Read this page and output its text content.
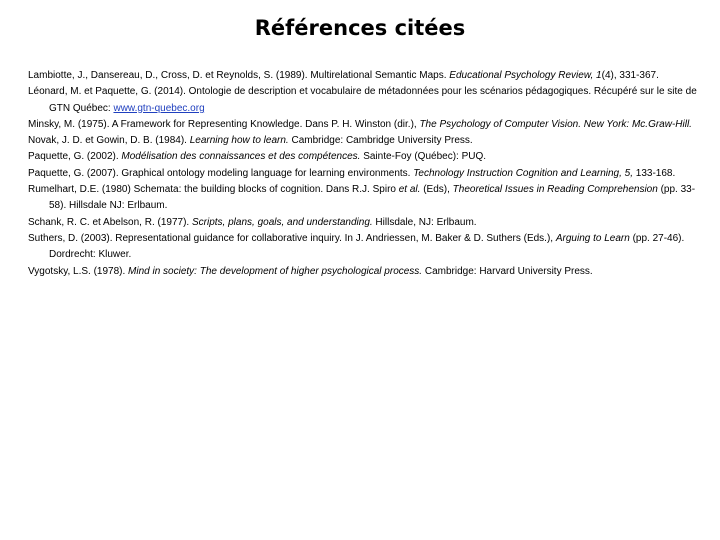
Références citées

Lambiotte, J., Dansereau, D., Cross, D. et Reynolds, S. (1989). Multirelational Semantic Maps. Educational Psychology Review, 1(4), 331-367.

Léonard, M. et Paquette, G. (2014). Ontologie de description et vocabulaire de métadonnées pour les scénarios pédagogiques. Récupéré sur le site de GTN Québec: www.gtn-quebec.org

Minsky, M. (1975). A Framework for Representing Knowledge. Dans P. H. Winston (dir.), The Psychology of Computer Vision. New York: Mc.Graw-Hill.

Novak, J. D. et Gowin, D. B. (1984). Learning how to learn. Cambridge: Cambridge University Press.

Paquette, G. (2002). Modélisation des connaissances et des compétences. Sainte-Foy (Québec): PUQ.

Paquette, G. (2007). Graphical ontology modeling language for learning environments. Technology Instruction Cognition and Learning, 5, 133-168.

Rumelhart, D.E. (1980) Schemata: the building blocks of cognition. Dans R.J. Spiro et al. (Eds), Theoretical Issues in Reading Comprehension (pp. 33-58). Hillsdale NJ: Erlbaum.

Schank, R. C. et Abelson, R. (1977). Scripts, plans, goals, and understanding. Hillsdale, NJ: Erlbaum.

Suthers, D. (2003). Representational guidance for collaborative inquiry. In J. Andriessen, M. Baker & D. Suthers (Eds.), Arguing to Learn (pp. 27-46). Dordrecht: Kluwer.

Vygotsky, L.S. (1978). Mind in society: The development of higher psychological process. Cambridge: Harvard University Press.
